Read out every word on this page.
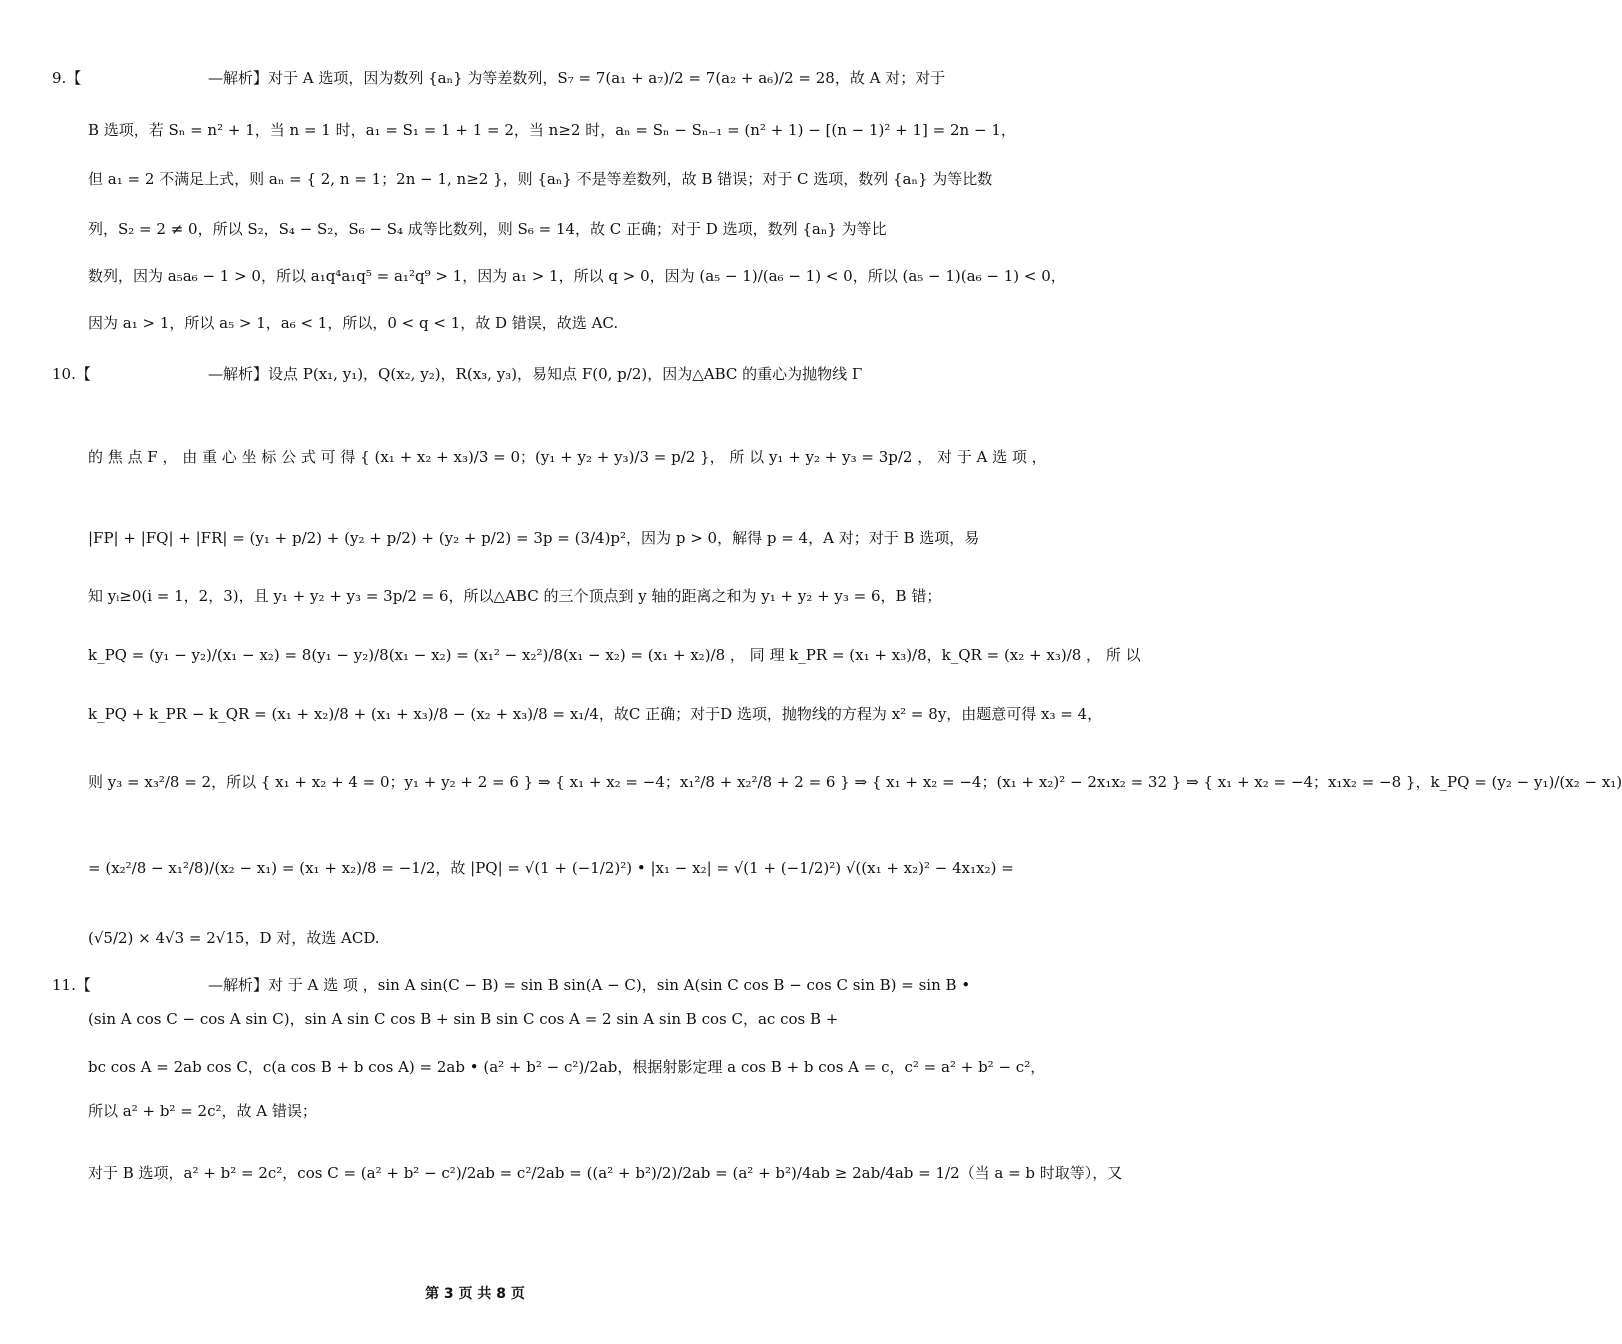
9.【	—解析】对于 A 选项，因为数列 {aₙ} 为等差数列，S₇ = 7(a₁ + a₇)/2 = 7(a₂ + a₆)/2 = 28，故 A 对；对于
B 选项，若 Sₙ = n² + 1，当 n = 1 时，a₁ = S₁ = 1 + 1 = 2，当 n≥2 时，aₙ = Sₙ − Sₙ₋₁ = (n² + 1) − [(n − 1)² + 1] = 2n − 1，
但 a₁ = 2 不满足上式，则 aₙ = { 2, n = 1；2n − 1, n≥2 }，则 {aₙ} 不是等差数列，故 B 错误；对于 C 选项，数列 {aₙ} 为等比数
列，S₂ = 2 ≠ 0，所以 S₂，S₄ − S₂，S₆ − S₄ 成等比数列，则 S₆ = 14，故 C 正确；对于 D 选项，数列 {aₙ} 为等比
数列，因为 a₅a₆ − 1 > 0，所以 a₁q⁴a₁q⁵ = a₁²q⁹ > 1，因为 a₁ > 1，所以 q > 0，因为 (a₅ − 1)/(a₆ − 1) < 0，所以 (a₅ − 1)(a₆ − 1) < 0，
因为 a₁ > 1，所以 a₅ > 1，a₆ < 1，所以，0 < q < 1，故 D 错误，故选 AC.
10.【	—解析】设点 P(x₁, y₁)，Q(x₂, y₂)，R(x₃, y₃)，易知点 F(0, p/2)，因为△ABC 的重心为抛物线 Γ
的 焦 点 F ， 由 重 心 坐 标 公 式 可 得 { (x₁ + x₂ + x₃)/3 = 0；(y₁ + y₂ + y₃)/3 = p/2 }， 所 以 y₁ + y₂ + y₃ = 3p/2 ， 对 于 A 选 项 ，
|FP| + |FQ| + |FR| = (y₁ + p/2) + (y₂ + p/2) + (y₂ + p/2) = 3p = (3/4)p²，因为 p > 0，解得 p = 4，A 对；对于 B 选项，易
知 yᵢ≥0(i = 1，2，3)，且 y₁ + y₂ + y₃ = 3p/2 = 6，所以△ABC 的三个顶点到 y 轴的距离之和为 y₁ + y₂ + y₃ = 6，B 错；
k_PQ = (y₁ − y₂)/(x₁ − x₂) = 8(y₁ − y₂)/8(x₁ − x₂) = (x₁² − x₂²)/8(x₁ − x₂) = (x₁ + x₂)/8 ， 同 理 k_PR = (x₁ + x₃)/8，k_QR = (x₂ + x₃)/8 ， 所 以
k_PQ + k_PR − k_QR = (x₁ + x₂)/8 + (x₁ + x₃)/8 − (x₂ + x₃)/8 = x₁/4，故C 正确；对于D 选项，抛物线的方程为 x² = 8y，由题意可得 x₃ = 4，
则 y₃ = x₃²/8 = 2，所以 { x₁ + x₂ + 4 = 0；y₁ + y₂ + 2 = 6 } ⇒ { x₁ + x₂ = −4；x₁²/8 + x₂²/8 + 2 = 6 } ⇒ { x₁ + x₂ = −4；(x₁ + x₂)² − 2x₁x₂ = 32 } ⇒ { x₁ + x₂ = −4；x₁x₂ = −8 }，k_PQ = (y₂ − y₁)/(x₂ − x₁)
= (x₂²/8 − x₁²/8)/(x₂ − x₁) = (x₁ + x₂)/8 = −1/2，故 |PQ| = √(1 + (−1/2)²) • |x₁ − x₂| = √(1 + (−1/2)²) √((x₁ + x₂)² − 4x₁x₂) =
(√5/2) × 4√3 = 2√15，D 对，故选 ACD.
11.【	—解析】对 于 A 选 项 ，sin A sin(C − B) = sin B sin(A − C)，sin A(sin C cos B − cos C sin B) = sin B •
(sin A cos C − cos A sin C)，sin A sin C cos B + sin B sin C cos A = 2 sin A sin B cos C，ac cos B +
bc cos A = 2ab cos C，c(a cos B + b cos A) = 2ab • (a² + b² − c²)/2ab，根据射影定理 a cos B + b cos A = c，c² = a² + b² − c²，
所以 a² + b² = 2c²，故 A 错误；
对于 B 选项，a² + b² = 2c²，cos C = (a² + b² − c²)/2ab = c²/2ab = ((a² + b²)/2)/2ab = (a² + b²)/4ab ≥ 2ab/4ab = 1/2（当 a = b 时取等），又
第 3 页 共 8 页
